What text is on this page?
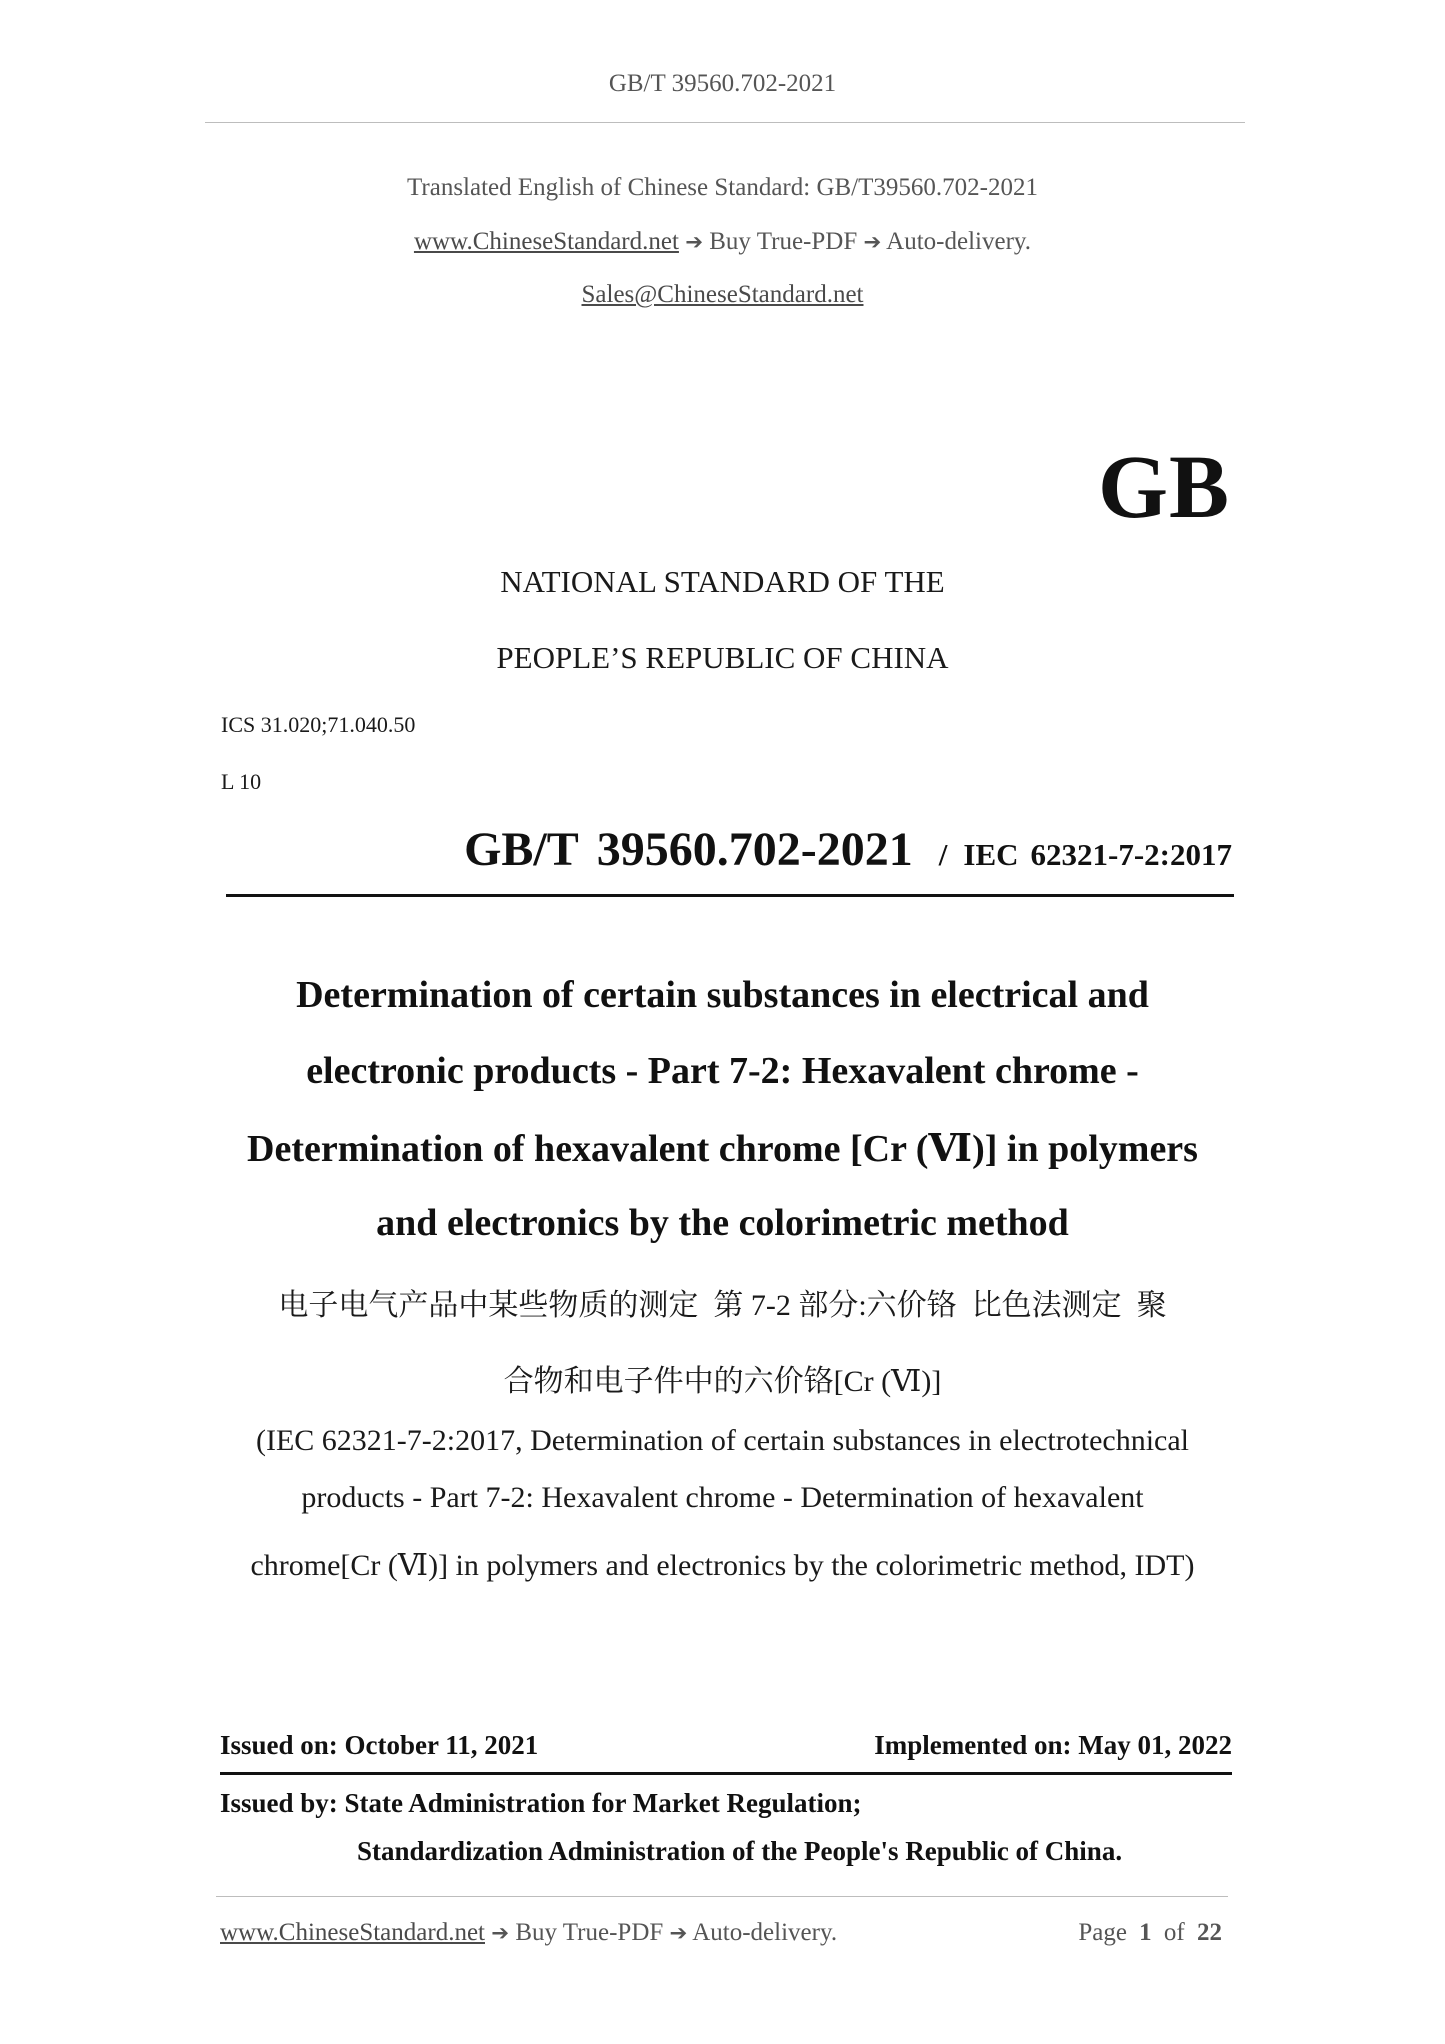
GB/T 39560.702-2021
Translated English of Chinese Standard: GB/T39560.702-2021
www.ChineseStandard.net ➔ Buy True-PDF ➔ Auto-delivery.
Sales@ChineseStandard.net
GB
NATIONAL STANDARD OF THE
PEOPLE’S REPUBLIC OF CHINA
ICS 31.020;71.040.50
L 10
GB/T 39560.702-2021 / IEC 62321-7-2:2017
Determination of certain substances in electrical and
electronic products - Part 7-2: Hexavalent chrome -
Determination of hexavalent chrome [Cr (Ⅵ)] in polymers
and electronics by the colorimetric method
电子电气产品中某些物质的测定  第 7-2 部分:六价铬  比色法测定  聚
合物和电子件中的六价铬[Cr (Ⅵ)]
(IEC 62321-7-2:2017, Determination of certain substances in electrotechnical
products - Part 7-2: Hexavalent chrome - Determination of hexavalent
chrome[Cr (Ⅵ)] in polymers and electronics by the colorimetric method, IDT)
Issued on: October 11, 2021	Implemented on: May 01, 2022
Issued by: State Administration for Market Regulation;
Standardization Administration of the People's Republic of China.
www.ChineseStandard.net ➔ Buy True-PDF ➔ Auto-delivery.	Page 1 of 22
